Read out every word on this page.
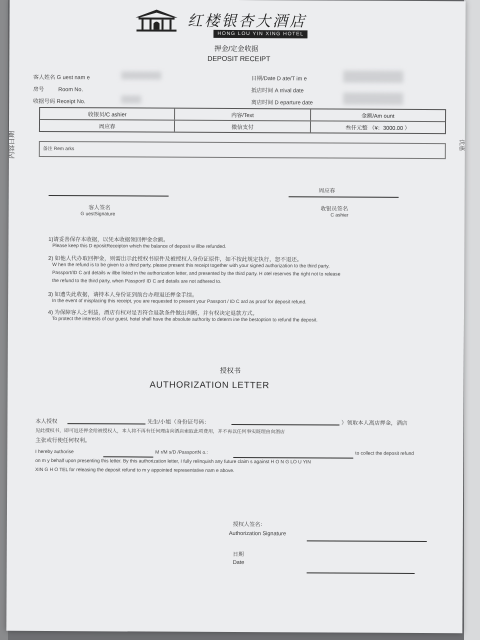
红楼银杏大酒店
HONG LOU YIN XING HOTEL
押金/定金收据
DEPOSIT RECEIPT
客人姓名 G uest nam e
房号 　　 Room No.
收据号码 Receipt No.
日期/Date D ate/T im e
抵店时间 A rrival date
离店时间 D eparture date
收银员/C ashier	内容/Text	金额/Am ount
周应春	微信支付	叁仟元整 （¥：3000.00 ）
备注 Rem arks
周应春
客人签名
G uestSignature
收银员签名
C ashier
1)请妥善保存本收据，以凭本收据领回押金余额。
Please keep this D epositReceipton which the balance of deposit w illbe refunded.
2) 如他人代办取回押金，则需出示此授权书原件及被授权人身份证原件，如不按此规定执行，恕不退还。
W hen the refund is to be given to a third party, please present this receipt together with your signed authorization to the third party.
Passport/ID C ard details w illbe listed in the authorization letter, and presented by the third party. H otel reserves the right not to release
the refund to the third party, when Passport/ ID C ard details are not adhered to.
3) 如遗失此收据，请持本人身份证到前台办理退还押金手续。
In the event of misplacing this receipt, you are requested to present your Passport / ID C ard as proof for deposit refund.
4) 为保障客人之利益，酒店有权对是否符合退款条件做出判断，并有权决定退款方式。
To protect the interests of our guest, hotel shall have the absolute authority to determ ine the bestoption to refund the deposit.
授权书
AUTHORIZATION LETTER
本人授权	先生/小姐（身份证号码：	）领取本人离店押金，酒店
见此授权书，即可返还押金给被授权人，本人将不再有任何理由向酒店索取此项费用，并不再以任何事实既理由向酒店
主张或行使任何权利。
I hereby authorise	M r/M s/D /PassportN o.:	to collect the deposit refund
on m y behalf upon presenting this letter. By this authorization letter, I fully relinquish any future claim s against H O N G LO U YIN
XIN G H O TEL for releasing the deposit refund to m y appointed representative nam e above.
授权人签名：
Authorization Signature
日期
Date
内容日期	优惠
